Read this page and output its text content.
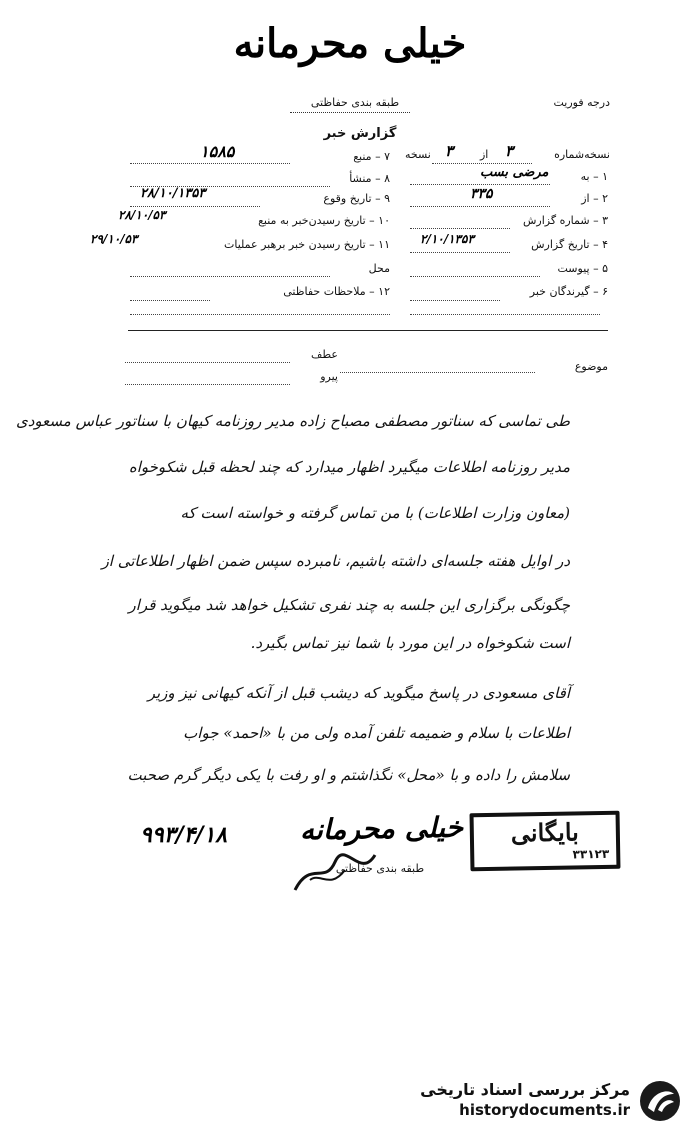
خیلی محرمانه
درجه فوریت
طبقه بندی حفاظتی
گزارش خبر
نسخه‌شماره
۳
از
۳
نسخه
۱ – به
مرضی بسب
۲ – از
۳۳۵
۳ – شماره گزارش
۴ – تاریخ گزارش
۲/۱۰/۱۳۵۳
۵ – پیوست
۶ – گیرندگان خبر
۷ – منبع
۱۵۸۵
۸ – منشأ
۹ – تاریخ وقوع
۲۸/۱۰/۱۳۵۳
۱۰ – تاریخ رسیدن‌خبر به منبع
۲۸/۱۰/۵۳
۱۱ – تاریخ رسیدن خبر برهبر عملیات
۲۹/۱۰/۵۳
محل
۱۲ – ملاحظات حفاظتی
موضوع
عطف
پیرو
طی تماسی که سناتور مصطفی مصباح زاده مدیر روزنامه کیهان با سناتور عباس مسعودی
مدیر روزنامه اطلاعات میگیرد اظهار میدارد که چند لحظه قبل شکوخواه
(معاون وزارت اطلاعات) با من تماس گرفته و خواسته است که
در اوایل هفته جلسه‌ای داشته باشیم، نامبرده سپس ضمن اظهار اطلاعاتی از
چگونگی برگزاری این جلسه به چند نفری تشکیل خواهد شد میگوید قرار
است شکوخواه در این مورد با شما نیز تماس بگیرد.
آقای مسعودی در پاسخ میگوید که دیشب قبل از آنکه کیهانی نیز وزیر
اطلاعات با سلام و ضمیمه تلفن آمده ولی من با «احمد» جواب
سلامش را داده و با «محل» نگذاشتم و او رفت با یکی دیگر گرم صحبت
خیلی محرمانه
۹۹۳/۴/۱۸
طبقه بندی حفاظتی
بایگانی
۳۳۱۲۳
مرکز بررسی اسناد تاریخی
historydocuments.ir
